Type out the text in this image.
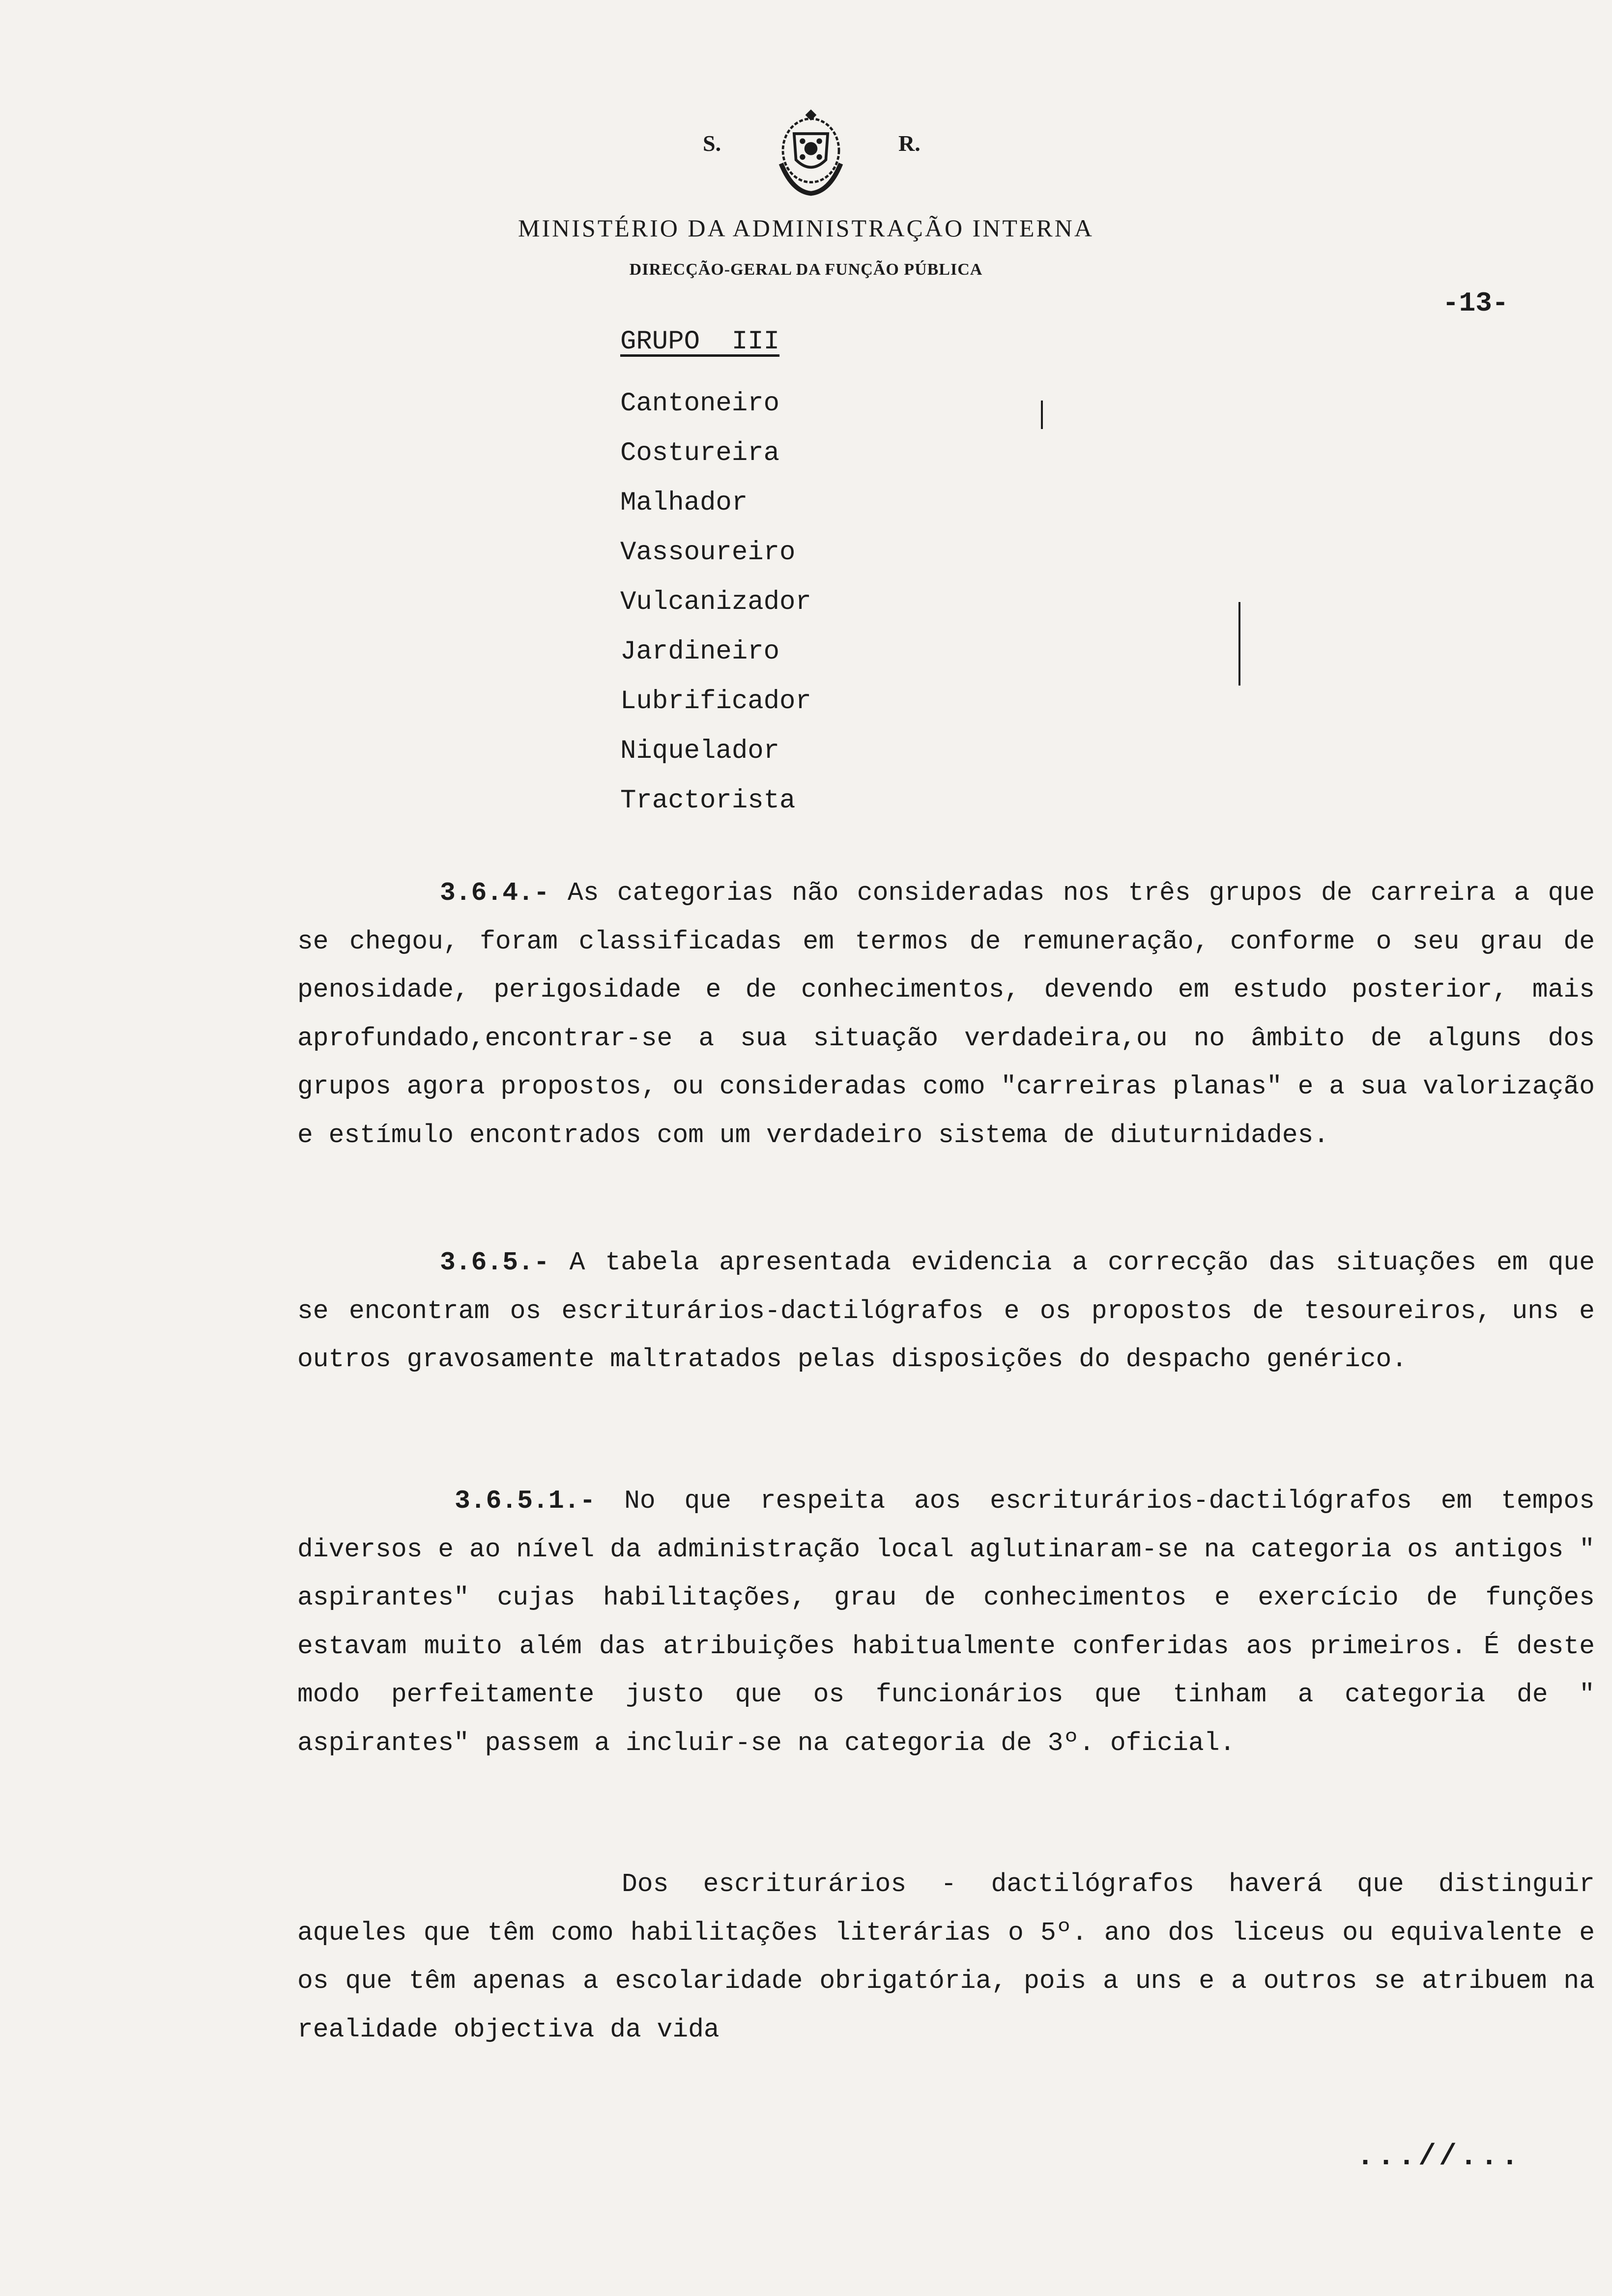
S.	R.
MINISTÉRIO DA ADMINISTRAÇÃO INTERNA
DIRECÇÃO-GERAL DA FUNÇÃO PÚBLICA
-13-
GRUPO  III
Cantoneiro
Costureira
Malhador
Vassoureiro
Vulcanizador
Jardineiro
Lubrificador
Niquelador
Tractorista

3.6.4.- As categorias não consideradas nos três grupos de carreira a que se chegou, foram classificadas em termos de remuneração, conforme o seu grau de penosidade, perigosidade e de conhecimentos, devendo em estudo posterior, mais aprofundado,encontrar-se a sua situação verdadeira,ou no âmbito de alguns dos grupos agora propostos, ou consideradas como "carreiras planas" e a sua valorização e estímulo encontrados com um verdadeiro sistema de diuturnidades.

3.6.5.- A tabela apresentada evidencia a correcção das situações em que se encontram os escriturários-dactilógrafos e os propostos de tesoureiros, uns e outros gravosamente maltratados pelas disposições do despacho genérico.

3.6.5.1.- No que respeita aos escriturários-dactilógrafos em tempos diversos e ao nível da administração local aglutinaram-se na categoria os antigos " aspirantes" cujas habilitações, grau de conhecimentos e exercício de funções estavam muito além das atribuições habitualmente conferidas aos primeiros. É deste modo perfeitamente justo que os funcionários que tinham a categoria de " aspirantes" passem a incluir-se na categoria de 3º. oficial.

Dos escriturários - dactilógrafos haverá que distinguir aqueles que têm como habilitações literárias o 5º. ano dos liceus ou equivalente e os que têm apenas a escolaridade obrigatória, pois a uns e a outros se atribuem na realidade objectiva da vida

...//...
